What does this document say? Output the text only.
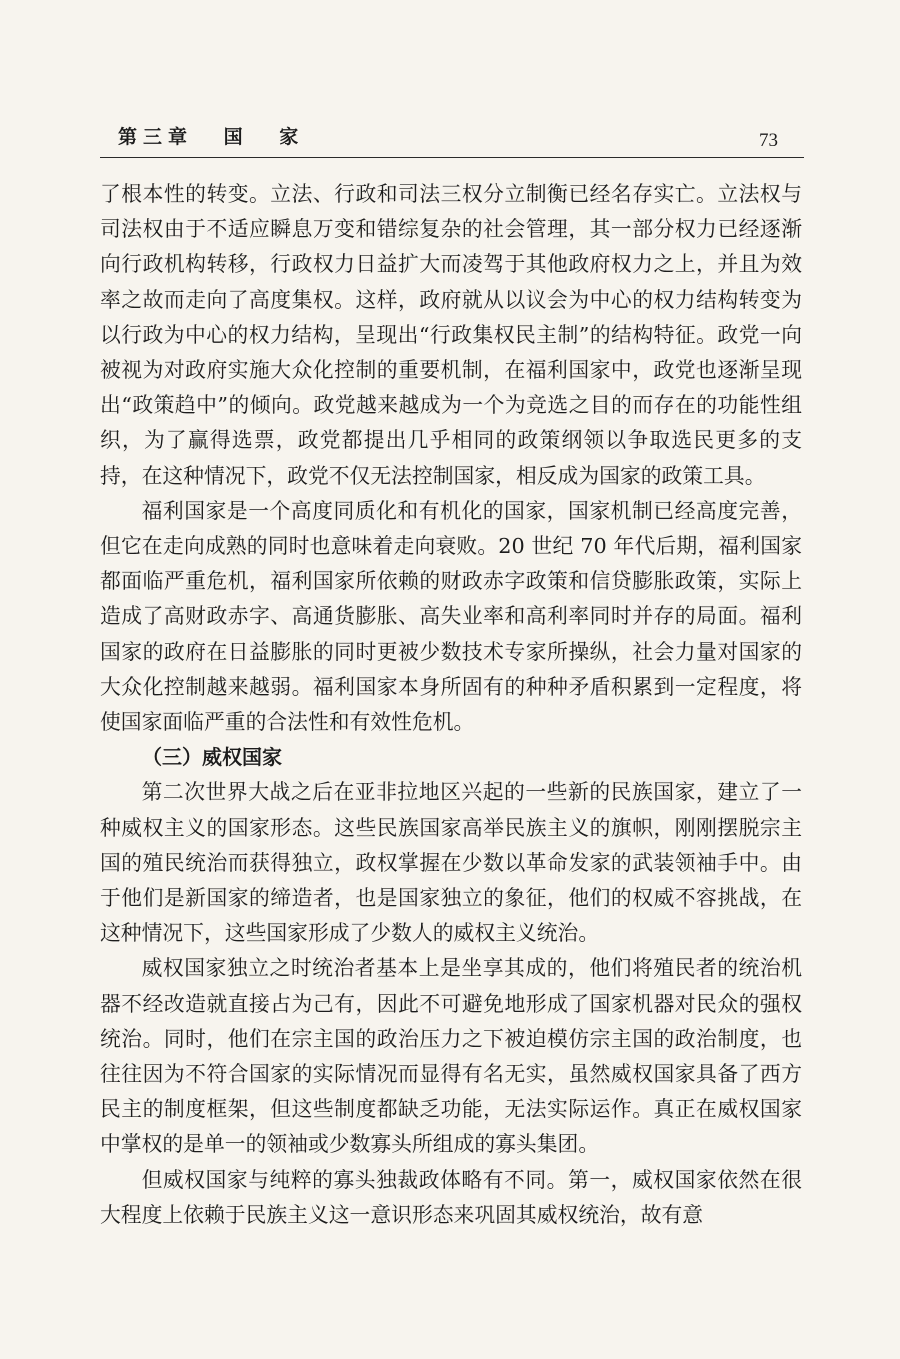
第三章 国 家	73

了根本性的转变。立法、行政和司法三权分立制衡已经名存实亡。立法权与司法权由于不适应瞬息万变和错综复杂的社会管理，其一部分权力已经逐渐向行政机构转移，行政权力日益扩大而凌驾于其他政府权力之上，并且为效率之故而走向了高度集权。这样，政府就从以议会为中心的权力结构转变为以行政为中心的权力结构，呈现出“行政集权民主制”的结构特征。政党一向被视为对政府实施大众化控制的重要机制，在福利国家中，政党也逐渐呈现出“政策趋中”的倾向。政党越来越成为一个为竞选之目的而存在的功能性组织，为了赢得选票，政党都提出几乎相同的政策纲领以争取选民更多的支持，在这种情况下，政党不仅无法控制国家，相反成为国家的政策工具。

福利国家是一个高度同质化和有机化的国家，国家机制已经高度完善，但它在走向成熟的同时也意味着走向衰败。20 世纪 70 年代后期，福利国家都面临严重危机，福利国家所依赖的财政赤字政策和信贷膨胀政策，实际上造成了高财政赤字、高通货膨胀、高失业率和高利率同时并存的局面。福利国家的政府在日益膨胀的同时更被少数技术专家所操纵，社会力量对国家的大众化控制越来越弱。福利国家本身所固有的种种矛盾积累到一定程度，将使国家面临严重的合法性和有效性危机。

（三）威权国家

第二次世界大战之后在亚非拉地区兴起的一些新的民族国家，建立了一种威权主义的国家形态。这些民族国家高举民族主义的旗帜，刚刚摆脱宗主国的殖民统治而获得独立，政权掌握在少数以革命发家的武装领袖手中。由于他们是新国家的缔造者，也是国家独立的象征，他们的权威不容挑战，在这种情况下，这些国家形成了少数人的威权主义统治。

威权国家独立之时统治者基本上是坐享其成的，他们将殖民者的统治机器不经改造就直接占为己有，因此不可避免地形成了国家机器对民众的强权统治。同时，他们在宗主国的政治压力之下被迫模仿宗主国的政治制度，也往往因为不符合国家的实际情况而显得有名无实，虽然威权国家具备了西方民主的制度框架，但这些制度都缺乏功能，无法实际运作。真正在威权国家中掌权的是单一的领袖或少数寡头所组成的寡头集团。

但威权国家与纯粹的寡头独裁政体略有不同。第一，威权国家依然在很大程度上依赖于民族主义这一意识形态来巩固其威权统治，故有意
